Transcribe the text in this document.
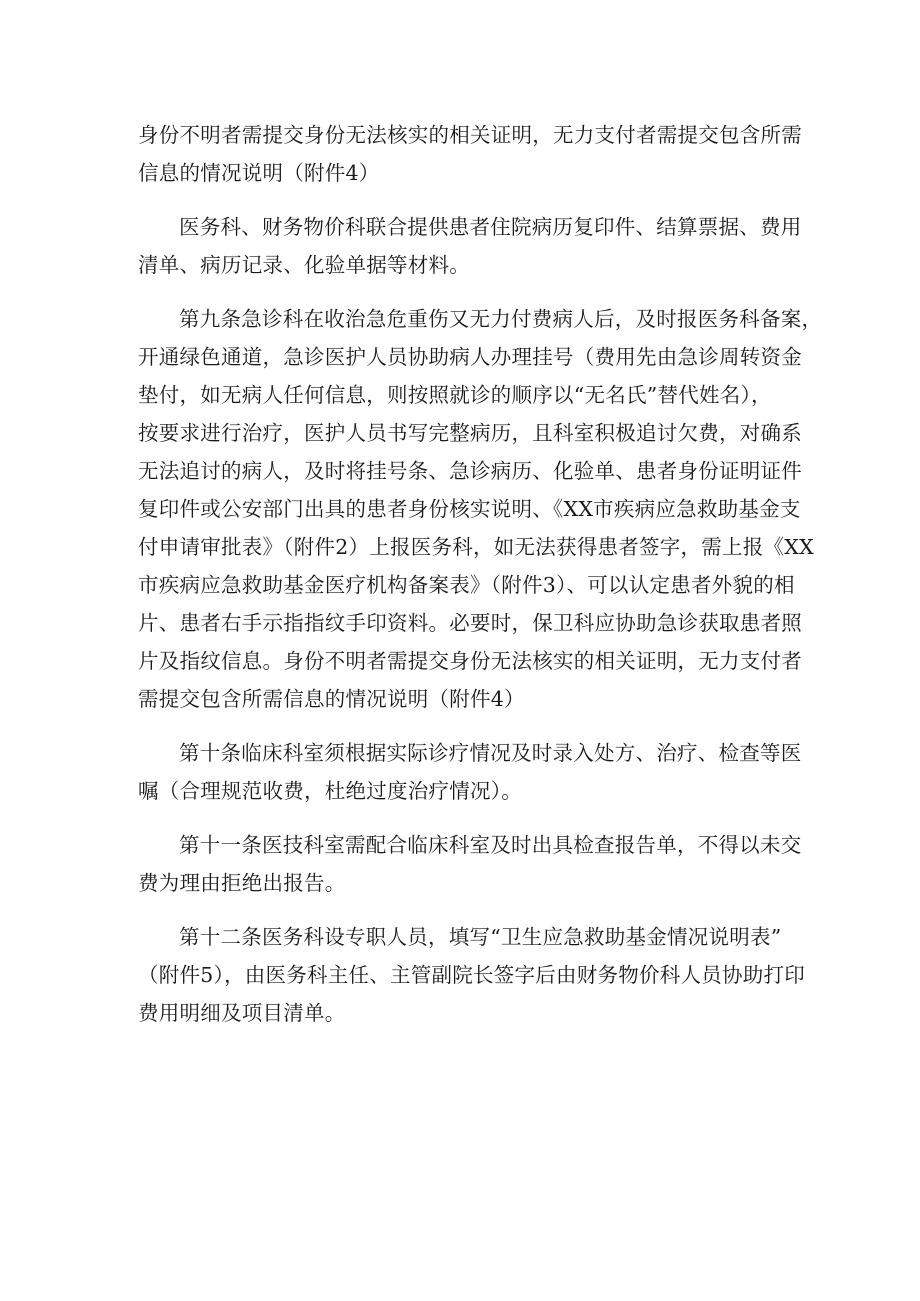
身份不明者需提交身份无法核实的相关证明，无力支付者需提交包含所需
信息的情况说明（附件4）

医务科、财务物价科联合提供患者住院病历复印件、结算票据、费用
清单、病历记录、化验单据等材料。

第九条急诊科在收治急危重伤又无力付费病人后，及时报医务科备案，
开通绿色通道，急诊医护人员协助病人办理挂号（费用先由急诊周转资金
垫付，如无病人任何信息，则按照就诊的顺序以“无名氏”替代姓名），
按要求进行治疗，医护人员书写完整病历，且科室积极追讨欠费，对确系
无法追讨的病人，及时将挂号条、急诊病历、化验单、患者身份证明证件
复印件或公安部门出具的患者身份核实说明、《XX市疾病应急救助基金支
付申请审批表》（附件2）上报医务科，如无法获得患者签字，需上报《XX
市疾病应急救助基金医疗机构备案表》（附件3）、可以认定患者外貌的相
片、患者右手示指指纹手印资料。必要时，保卫科应协助急诊获取患者照
片及指纹信息。身份不明者需提交身份无法核实的相关证明，无力支付者
需提交包含所需信息的情况说明（附件4）

第十条临床科室须根据实际诊疗情况及时录入处方、治疗、检查等医
嘱（合理规范收费，杜绝过度治疗情况）。

第十一条医技科室需配合临床科室及时出具检查报告单，不得以未交
费为理由拒绝出报告。

第十二条医务科设专职人员，填写“卫生应急救助基金情况说明表”
（附件5），由医务科主任、主管副院长签字后由财务物价科人员协助打印
费用明细及项目清单。
